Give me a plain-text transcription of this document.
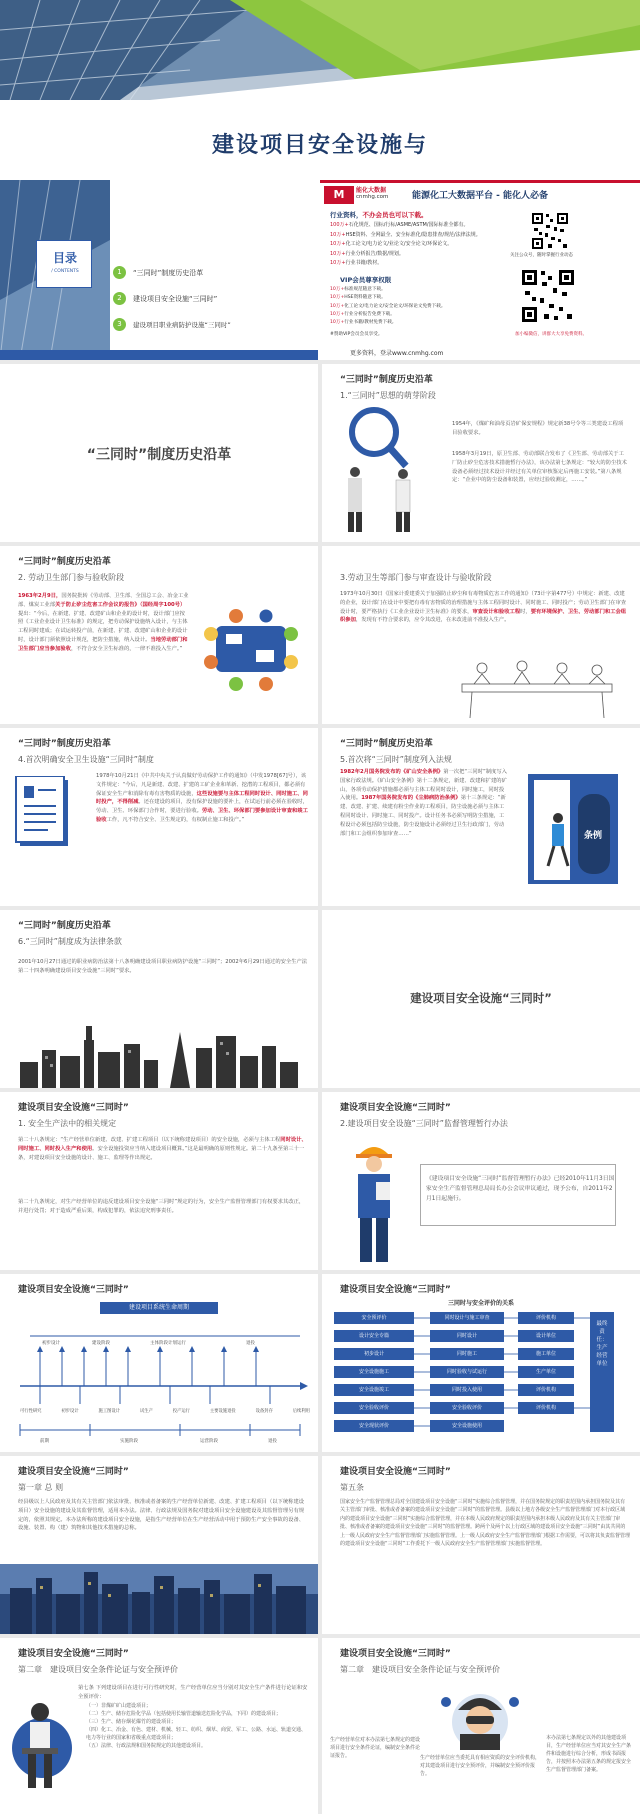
建设项目安全设施与
目录
/ CONTENTS	1	“三同时”制度历史沿革
2	建设项目安全设施“三同时”
3	建设项目职业病防护设施“三同时”
M	能化大数据
cnmhg.com	能源化工大数据平台 - 能化人必备
行业资料，不办会员也可以下载。
100万+石化规范、国标/行标/ASME/ASTM/国际标准全都有。
10万+HSE资料、全网最全、安全标准化/隐患排查/规范/法律法规。
10万+化工论文/电力论文/业论文/安全论文/环保论文。
10万+行业分析报告/数据/规划。
10万+行业书籍/教材。
VIP会员尊享权限
10万+标准规范随意下载。
10万+HSE资料随意下载。
10万+化工论文/电力论文/安全论文/环保论文免费下载。
10万+行业分析报告免费下载。
10万+行业书籍/教材免费下载。
#赞助VIP会员会员享受。
更多资料，登录www.cnmhg.com
关注公众号，随时掌握行业动态
加小编微信，讲群大大享免费资料。
“三同时”制度历史沿革
“三同时”制度历史沿革
1.“三同时”思想的萌芽阶段
1954年，《煤矿和油母页岩矿保安规程》规定新38号令等三类建设工程项目验收要求。
1958年3月19日，原卫生部、劳动部联合发布了《卫生部、劳动部关于工厂防止矽尘危害技术措施暂行办法》，该办法第七条规定：“较大的防尘技术设备必须经过技术设计并经过有关单位审核鉴定后再施工安装。”第八条规定：“企业中的防尘设备和装置，应经过验收测定，……。”
“三同时”制度历史沿革
2. 劳动卫生部门参与验收阶段
1963年2月9日，国务院批转《劳动部、卫生部、全国总工会、冶金工业部、煤炭工业部关于防止矽尘危害工作会议的报告》（国经周字100号）提出：“今后，在新建、扩建、改建矿山和企业的设计时，设计部门应按照《工业企业设计卫生标准》的规定，把劳动保护设施纳入设计，与主体工程同时建成；在试运转投产前，在新建、扩建、改建矿山和企业的设计时，设计部门须依照设计规范，把防尘措施，纳入设计。当地劳动部门和卫生部门应当参加验收，不符合安全卫生标准的，一律不准投入生产。”
3.劳动卫生等部门参与审查设计与验收阶段
1973年10月30日《国家计委建委关于加强防止矽尘和有毒物质危害工作的通知》（73计字第477号）中规定：新建、改建的企业，设计部门在设计中要把有毒有害物质的治理措施与主体工程同时设计、同时施工、同时投产；劳动卫生部门在审查设计时，要严格执行《工业企业设计卫生标准》的要求，审查设计和验收工程时，要有环境保护、卫生、劳动部门和工会组织参加，发现有不符合要求的，应令其改进，在未改进前不准投入生产。
“三同时”制度历史沿革
4.首次明确安全卫生设施“三同时”制度
1978年10月21日《中共中央关于认真做好劳动保护工作的通知》（中发1978[67]号），该文件规定：“今后，凡是新建、改建、扩建的工矿企业和革新、挖潜的工程项目，都必须有保证安全生产和消除有毒有害物质的设施，这些设施要与主体工程同时设计、同时施工、同时投产，不得削减。还在建设的项目，没有保护设施的要补上，在试运行前必须在验收时，劳动、卫生、环保部门合作时，要进行验收。劳动、卫生、环保部门要参加设计审查和竣工验收工作，凡不符合安全、卫生规定的，有权制止施工和投产。”
“三同时”制度历史沿革
5.首次将“三同时”制度列入法规
1982年2月国务院发布的《矿山安全条例》第一次把“三同时”制度写入国家行政法规。《矿山安全条例》第十二条规定，新建、改建和扩建的矿山，各项劳动保护措施都必须与主体工程同时设计，同时施工，同时投入使用。1987年国务院发布的《尘肺病防治条例》第十三条规定：“新建、改建、扩建、续建有粉尘作业的工程项目，防尘设施必须与主体工程同时设计、同时施工、同时投产。设计任务书必须写明防尘措施，工程设计必须包括防尘设施，防尘设施设计必须经过卫生行政部门，劳动部门和工会组织参加审查……”	条例
“三同时”制度历史沿革
6.“三同时”制度成为法律条款
2001年10月27日通过的职业病防治法第十八条明确建设项目职业病防护设施“三同时”；2002年6月29日通过的安全生产法第二十四条明确建设项目安全设施“三同时”要求。
建设项目安全设施“三同时”
建设项目安全设施“三同时”
1. 安全生产法中的相关规定
第二十八条规定：“生产经营单位新建、改建、扩建工程项目（以下统称建设项目）的安全设施，必须与主体工程同时设计、同时施工、同时投入生产和使用。安全设施投资应当纳入建设项目概算。”这是最明确的原则性规定。第二十九条至第三十一条，对建设项目安全设施的设计、施工、监理等作出规定。
第二十九条规定，对生产经营单位的违反建设项目安全设施“三同时”规定的行为，安全生产监督管理部门有权要求其改正，并进行处罚；对于造成严重后果，构成犯罪的，依法追究刑事责任。
建设项目安全设施“三同时”
2.建设项目安全设施“三同时”监督管理暂行办法
《建设项目安全设施“三同时”监督管理暂行办法》已经2010年11月3日国家安全生产监督管理总局局长办公会议审议通过，现予公布，自2011年2月1日起施行。
建设项目安全设施“三同时”
建设项目系统生命周期
初步设计	建设阶段	主体阶段计划运行	退役
可行性研究	初步设计	施工图设计	试生产	投产运行	主要设施退役	设备封存	后续利用
前期	实施阶段	运营阶段	退役
建设项目安全设施“三同时”
三同时与安全评价的关系
安全预评价
设计安全专篇
初步设计
安全设施施工
安全设施竣工
安全验收评价
安全现状评价
同时设计与施工审查
同时设计
同时施工
同时验收与试运行
同时投入使用
安全验收评价
安全设施使用
评价机构
设计单位
施工单位
生产单位
评价机构
评价机构
最终责任：生产经营单位
建设项目安全设施“三同时”
第一章 总 则
经县级以上人民政府及其有关主管部门依法审批、核准或者备案的生产经营单位新建、改建、扩建工程项目（以下统称建设项目）安全设施的建设及其监督管理，适用本办法。法律、行政法规及国务院对建设项目安全设施建设及其监督管理另有规定的，依照其规定。本办法所称的建设项目安全设施，是指生产经营单位在生产经营活动中用于预防生产安全事故的设备、设施、装置、构（建）筑物和其他技术措施的总称。
建设项目安全设施“三同时”
第五条
国家安全生产监督管理总局对全国建设项目安全设施“三同时”实施综合监督管理，并在国务院规定的职责范围内承担国务院及其有关主管部门审批、核准或者备案的建设项目安全设施“三同时”的监督管理。县级以上地方各级安全生产监督管理部门对本行政区域内的建设项目安全设施“三同时”实施综合监督管理，并在本级人民政府规定的职责范围内承担本级人民政府及其有关主管部门审批、核准或者备案的建设项目安全设施“三同时”的监督管理。跨两个及两个以上行政区域的建设项目安全设施“三同时”由其共同的上一级人民政府安全生产监督管理部门实施监督管理。上一级人民政府安全生产监督管理部门根据工作需要，可以将其负责监督管理的建设项目安全设施“三同时”工作委托下一级人民政府安全生产监督管理部门实施监督管理。
建设项目安全设施“三同时”
第二章　建设项目安全条件论证与安全预评价
第七条 下列建设项目在进行可行性研究时，生产经营单位应当分别对其安全生产条件进行论证和安全预评价：
（一）非煤矿矿山建设项目；
（二）生产、储存危险化学品（包括使用长输管道输送危险化学品，下同）的建设项目；
（三）生产、储存烟花爆竹的建设项目；
（四）化工、冶金、有色、建材、机械、轻工、纺织、烟草、商贸、军工、公路、水运、轨道交通、电力等行业的国家和省级重点建设项目；
（五）法律、行政法规和国务院规定的其他建设项目。
建设项目安全设施“三同时”
第二章　建设项目安全条件论证与安全预评价
生产经营单位对本办法第七条规定的建设项目进行安全条件论证，编制安全条件论证报告。	生产经营单位应当委托具有相应资质的安全评价机构，对其建设项目进行安全预评价，并编制安全预评价报告。
本办法第七条规定以外的其他建设项目，生产经营单位应当对其安全生产条件和设施进行综合分析，形成书面报告，并按照本办法第五条的规定报安全生产监督管理部门备案。
